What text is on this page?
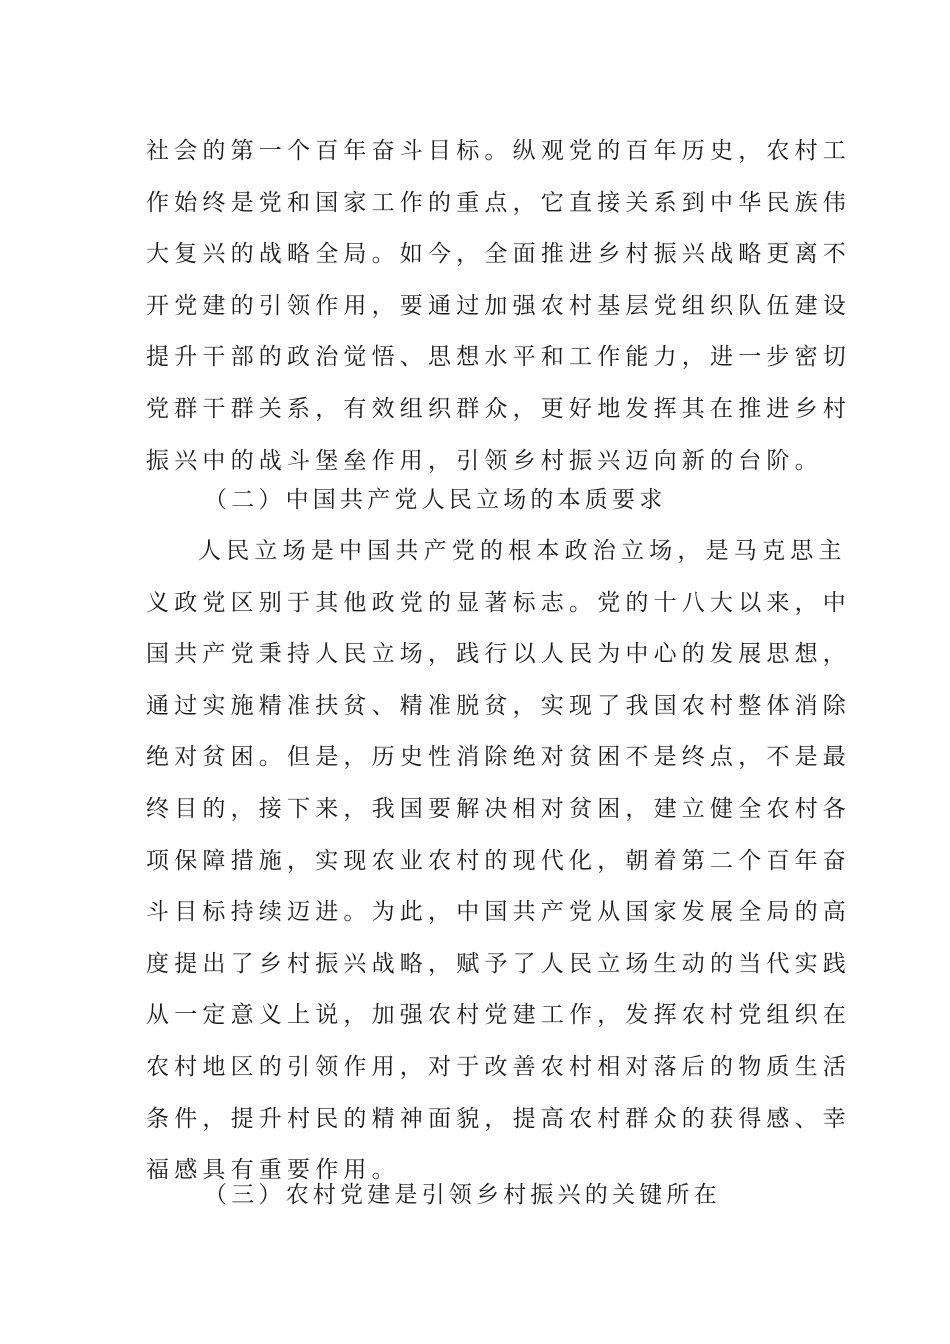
社会的第一个百年奋斗目标。纵观党的百年历史，农村工
作始终是党和国家工作的重点，它直接关系到中华民族伟
大复兴的战略全局。如今，全面推进乡村振兴战略更离不
开党建的引领作用，要通过加强农村基层党组织队伍建设
提升干部的政治觉悟、思想水平和工作能力，进一步密切
党群干群关系，有效组织群众，更好地发挥其在推进乡村
振兴中的战斗堡垒作用，引领乡村振兴迈向新的台阶。
（二）中国共产党人民立场的本质要求
人民立场是中国共产党的根本政治立场，是马克思主
义政党区别于其他政党的显著标志。党的十八大以来，中
国共产党秉持人民立场，践行以人民为中心的发展思想，
通过实施精准扶贫、精准脱贫，实现了我国农村整体消除
绝对贫困。但是，历史性消除绝对贫困不是终点，不是最
终目的，接下来，我国要解决相对贫困，建立健全农村各
项保障措施，实现农业农村的现代化，朝着第二个百年奋
斗目标持续迈进。为此，中国共产党从国家发展全局的高
度提出了乡村振兴战略，赋予了人民立场生动的当代实践
从一定意义上说，加强农村党建工作，发挥农村党组织在
农村地区的引领作用，对于改善农村相对落后的物质生活
条件，提升村民的精神面貌，提高农村群众的获得感、幸
福感具有重要作用。
（三）农村党建是引领乡村振兴的关键所在
